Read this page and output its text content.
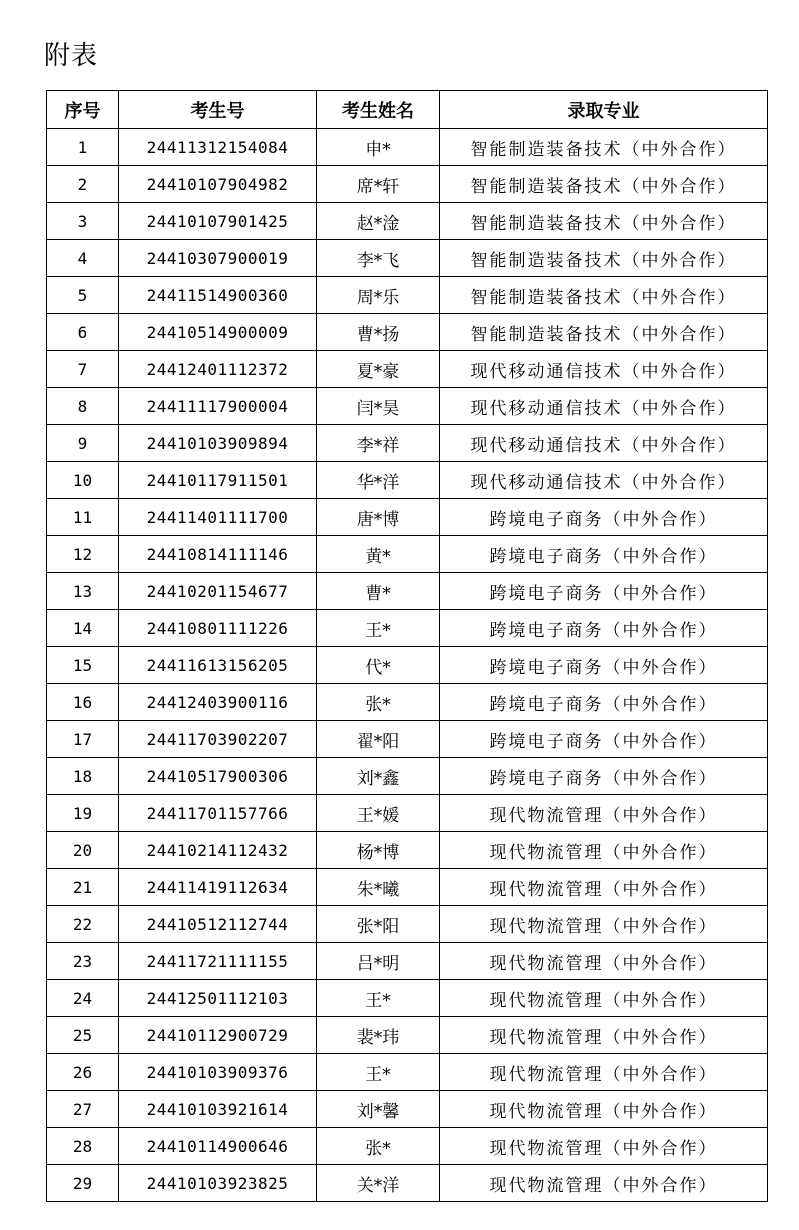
附表
序号	考生号	考生姓名	录取专业
1	24411312154084	申*	智能制造装备技术（中外合作）
2	24410107904982	席*轩	智能制造装备技术（中外合作）
3	24410107901425	赵*淦	智能制造装备技术（中外合作）
4	24410307900019	李*飞	智能制造装备技术（中外合作）
5	24411514900360	周*乐	智能制造装备技术（中外合作）
6	24410514900009	曹*扬	智能制造装备技术（中外合作）
7	24412401112372	夏*豪	现代移动通信技术（中外合作）
8	24411117900004	闫*昊	现代移动通信技术（中外合作）
9	24410103909894	李*祥	现代移动通信技术（中外合作）
10	24410117911501	华*洋	现代移动通信技术（中外合作）
11	24411401111700	唐*博	跨境电子商务（中外合作）
12	24410814111146	黄*	跨境电子商务（中外合作）
13	24410201154677	曹*	跨境电子商务（中外合作）
14	24410801111226	王*	跨境电子商务（中外合作）
15	24411613156205	代*	跨境电子商务（中外合作）
16	24412403900116	张*	跨境电子商务（中外合作）
17	24411703902207	翟*阳	跨境电子商务（中外合作）
18	24410517900306	刘*鑫	跨境电子商务（中外合作）
19	24411701157766	王*媛	现代物流管理（中外合作）
20	24410214112432	杨*博	现代物流管理（中外合作）
21	24411419112634	朱*曦	现代物流管理（中外合作）
22	24410512112744	张*阳	现代物流管理（中外合作）
23	24411721111155	吕*明	现代物流管理（中外合作）
24	24412501112103	王*	现代物流管理（中外合作）
25	24410112900729	裴*玮	现代物流管理（中外合作）
26	24410103909376	王*	现代物流管理（中外合作）
27	24410103921614	刘*馨	现代物流管理（中外合作）
28	24410114900646	张*	现代物流管理（中外合作）
29	24410103923825	关*洋	现代物流管理（中外合作）
